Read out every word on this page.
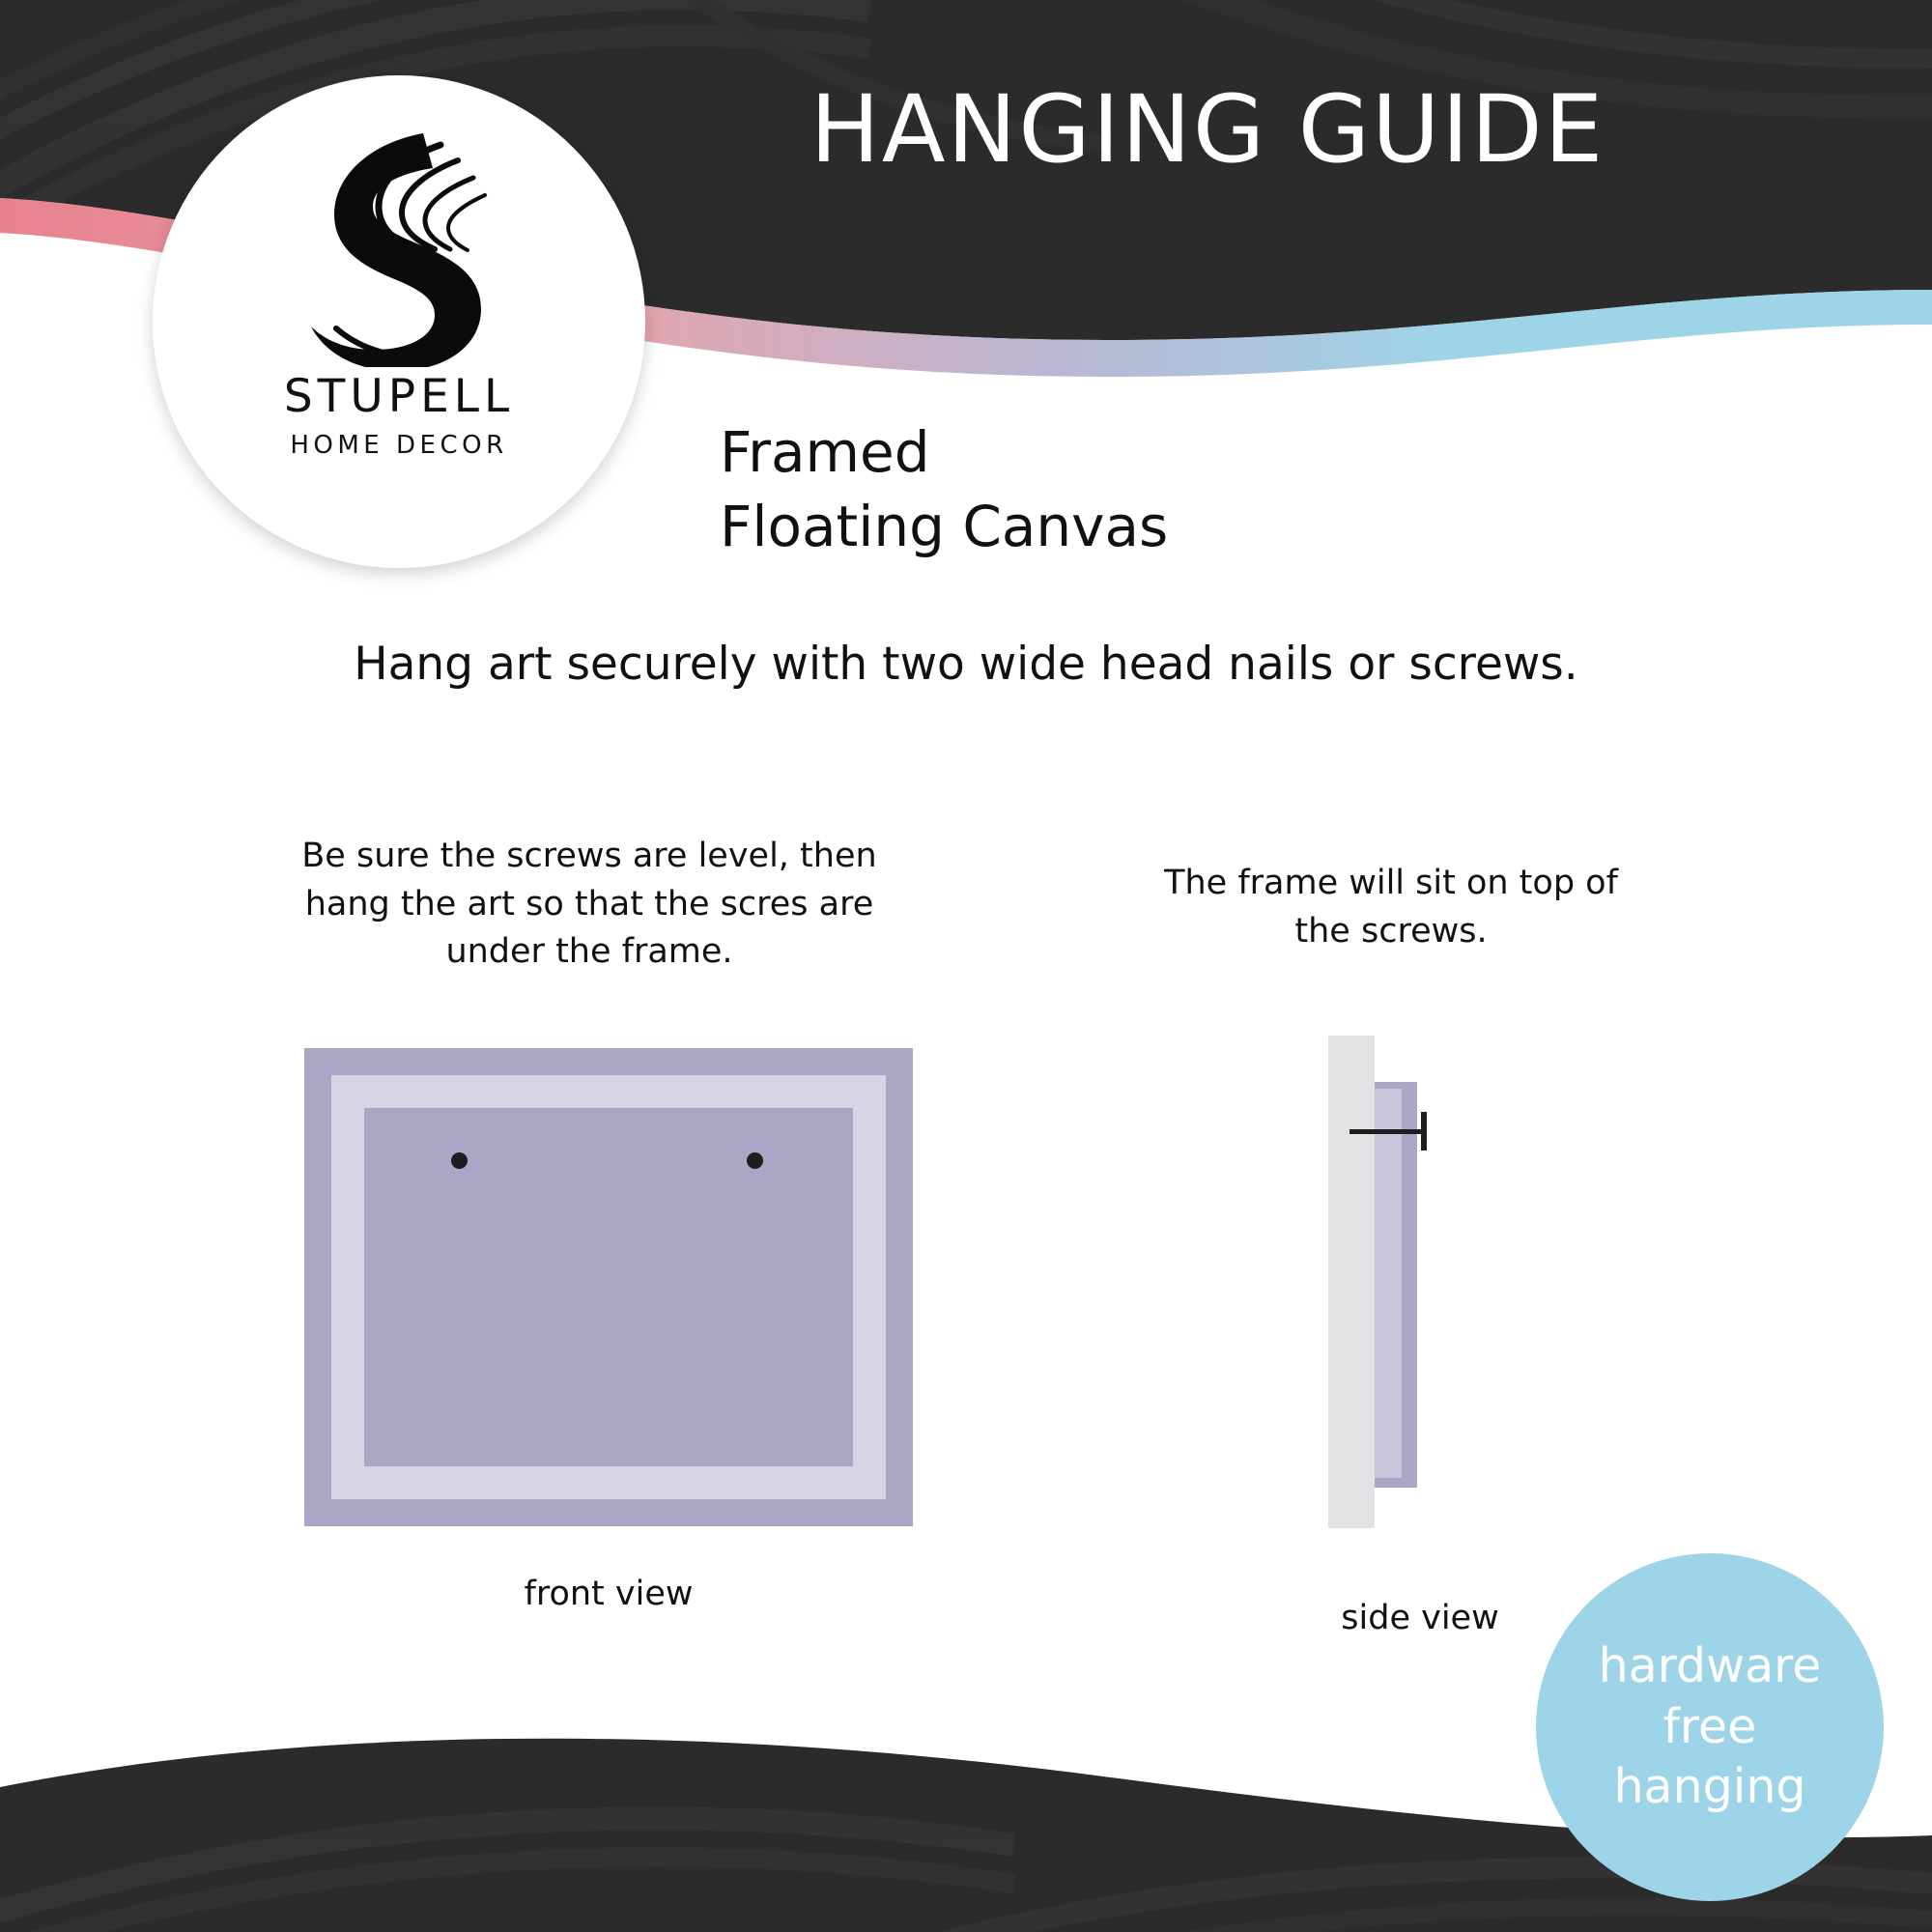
STUPELL
HOME DECOR
HANGING GUIDE
Framed
Floating Canvas
Hang art securely with two wide head nails or screws.
Be sure the screws are level, then hang the art so that the scres are under the frame.
front view
The frame will sit on top of the screws.
side view
hardware
free
hanging
